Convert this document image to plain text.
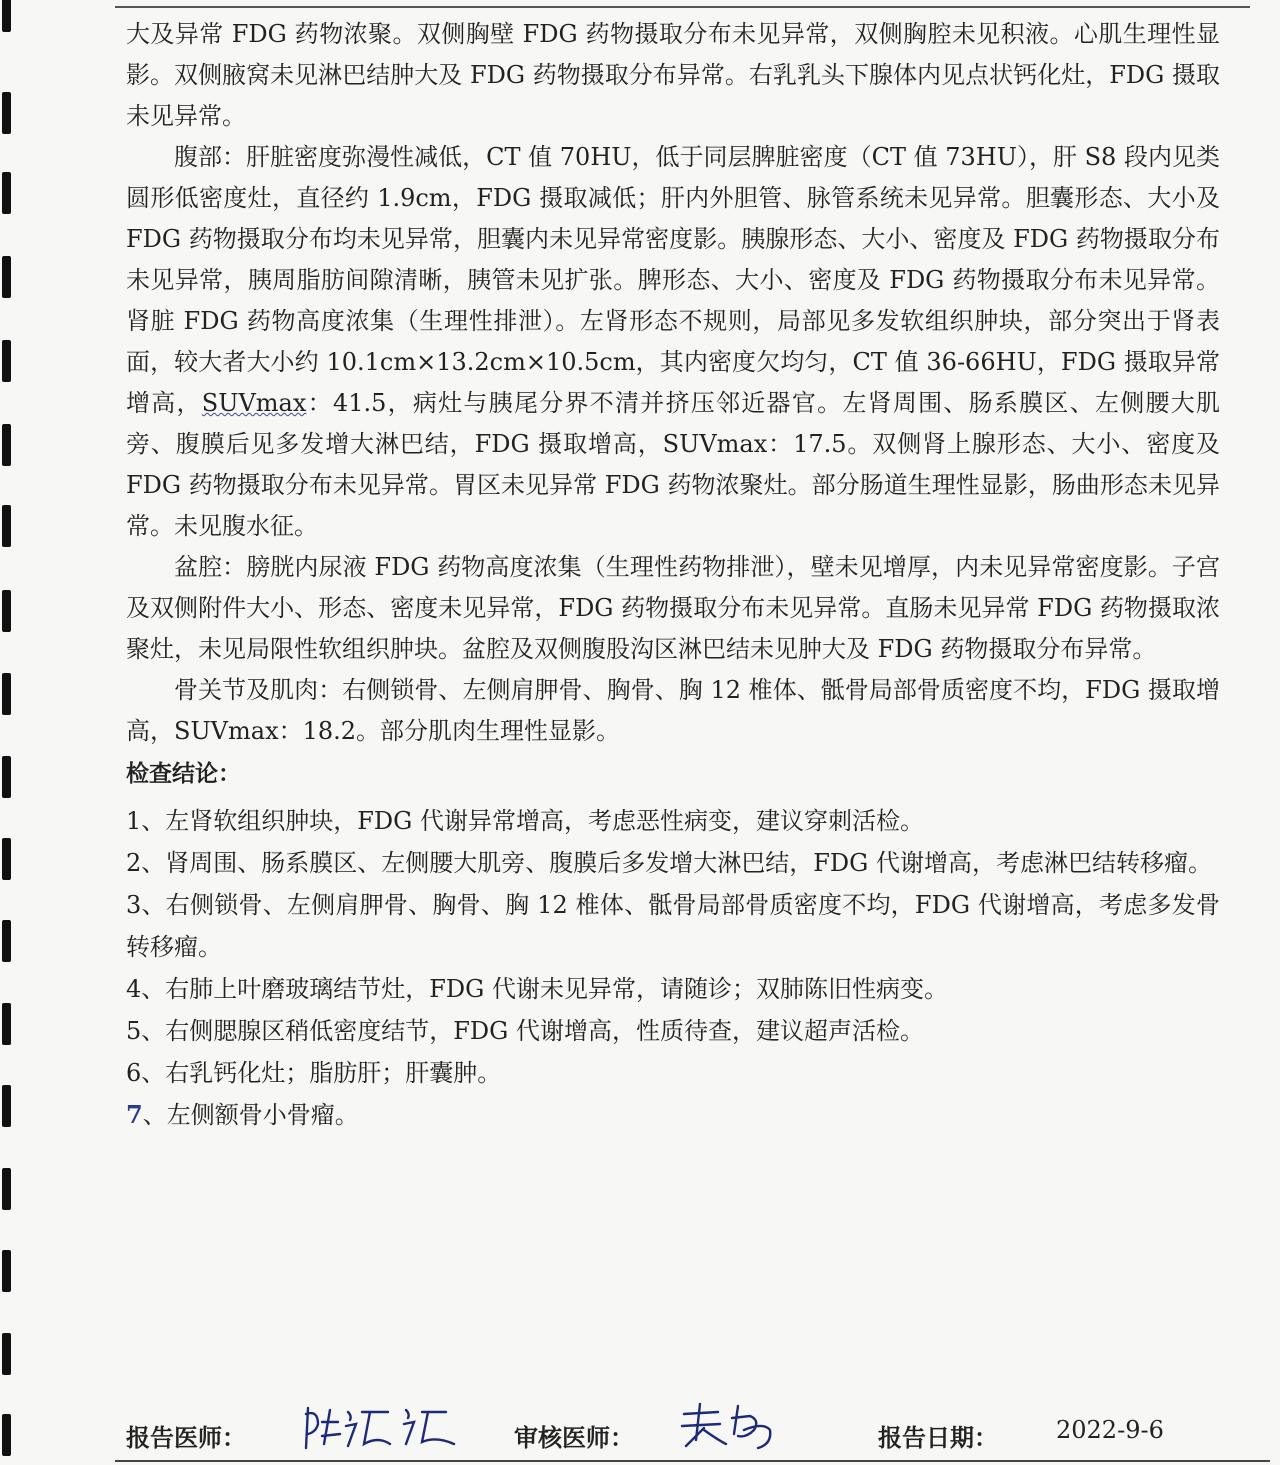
大及异常 FDG 药物浓聚。双侧胸壁 FDG 药物摄取分布未见异常，双侧胸腔未见积液。心肌生理性显影。双侧腋窝未见淋巴结肿大及 FDG 药物摄取分布异常。右乳乳头下腺体内见点状钙化灶，FDG 摄取未见异常。

腹部：肝脏密度弥漫性减低，CT 值 70HU，低于同层脾脏密度（CT 值 73HU），肝 S8 段内见类圆形低密度灶，直径约 1.9cm，FDG 摄取减低；肝内外胆管、脉管系统未见异常。胆囊形态、大小及 FDG 药物摄取分布均未见异常，胆囊内未见异常密度影。胰腺形态、大小、密度及 FDG 药物摄取分布未见异常，胰周脂肪间隙清晰，胰管未见扩张。脾形态、大小、密度及 FDG 药物摄取分布未见异常。肾脏 FDG 药物高度浓集（生理性排泄）。左肾形态不规则，局部见多发软组织肿块，部分突出于肾表面，较大者大小约 10.1cm×13.2cm×10.5cm，其内密度欠均匀，CT 值 36-66HU，FDG 摄取异常增高，SUVmax：41.5，病灶与胰尾分界不清并挤压邻近器官。左肾周围、肠系膜区、左侧腰大肌旁、腹膜后见多发增大淋巴结，FDG 摄取增高，SUVmax：17.5。双侧肾上腺形态、大小、密度及 FDG 药物摄取分布未见异常。胃区未见异常 FDG 药物浓聚灶。部分肠道生理性显影，肠曲形态未见异常。未见腹水征。

盆腔：膀胱内尿液 FDG 药物高度浓集（生理性药物排泄），壁未见增厚，内未见异常密度影。子宫及双侧附件大小、形态、密度未见异常，FDG 药物摄取分布未见异常。直肠未见异常 FDG 药物摄取浓聚灶，未见局限性软组织肿块。盆腔及双侧腹股沟区淋巴结未见肿大及 FDG 药物摄取分布异常。

骨关节及肌肉：右侧锁骨、左侧肩胛骨、胸骨、胸 12 椎体、骶骨局部骨质密度不均，FDG 摄取增高，SUVmax：18.2。部分肌肉生理性显影。

检查结论：

1、左肾软组织肿块，FDG 代谢异常增高，考虑恶性病变，建议穿刺活检。

2、肾周围、肠系膜区、左侧腰大肌旁、腹膜后多发增大淋巴结，FDG 代谢增高，考虑淋巴结转移瘤。

3、右侧锁骨、左侧肩胛骨、胸骨、胸 12 椎体、骶骨局部骨质密度不均，FDG 代谢增高，考虑多发骨转移瘤。

4、右肺上叶磨玻璃结节灶，FDG 代谢未见异常，请随诊；双肺陈旧性病变。

5、右侧腮腺区稍低密度结节，FDG 代谢增高，性质待查，建议超声活检。

6、右乳钙化灶；脂肪肝；肝囊肿。

7、左侧额骨小骨瘤。

报告医师：	审核医师：	报告日期： 2022-9-6
